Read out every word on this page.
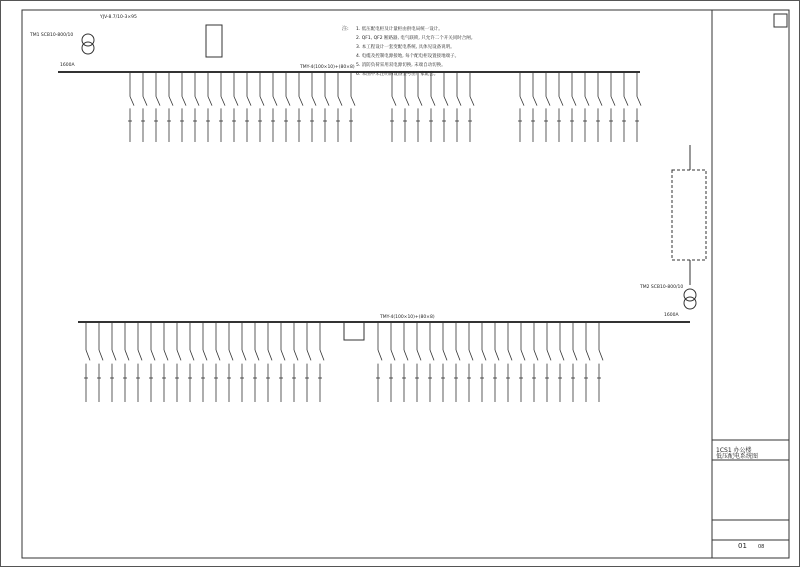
TMY-4(100×10)+(80×8)
TM1 SCB10-800/10
YJV-8.7/10-3×95
1600A
注: 1. 低压配电柜及计量柜由供电局统一设计。
2. QF1, QF2 断路器, 电气联锁, 只允许二个开关同时合闸。
3. 本工程设计一套变配电系统, 具体见设备说明。
4. 电缆及控制电源接地, 每个配电柜设置接地端子。
5. 消防负荷采用双电源切换, 末端自动切换。
6. 本图中未注明的设备型号由厂家配套。
TMY-4(100×10)+(80×8)
TM2 SCB10-800/10
1600A
1CS1 办公楼
低压配电系统图
01 08
